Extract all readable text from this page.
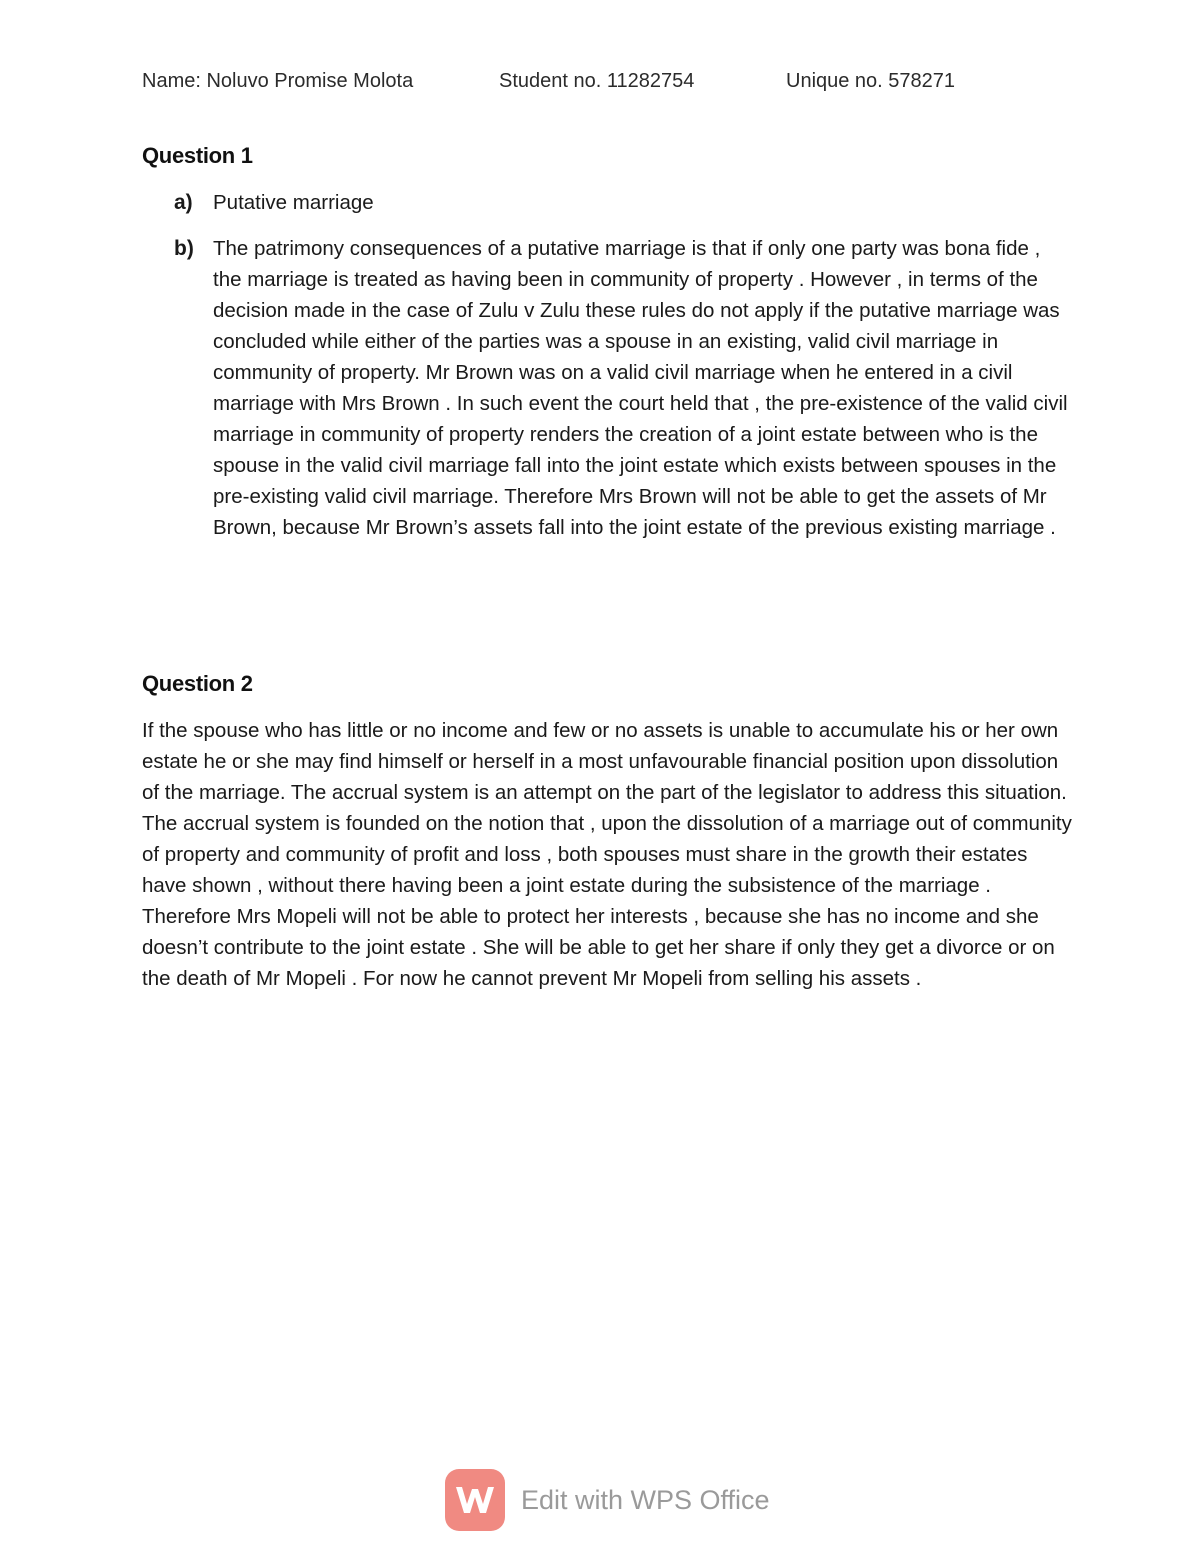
Name: Noluvo Promise Molota	Student no. 11282754	Unique no. 578271
Question 1
a) Putative marriage
b) The patrimony consequences of a putative marriage is that if only one party was bona fide , the marriage is treated as having been in community of property . However , in terms of the decision made in the case of Zulu v Zulu these rules do not apply if the putative marriage was concluded while either of the parties was a spouse in an existing, valid civil marriage in community of property. Mr Brown was on a valid civil marriage when he entered in a civil marriage with Mrs Brown . In such event the court held that , the pre-existence of the valid civil marriage in community of property renders the creation of a joint estate between who is the spouse in the valid civil marriage fall into the joint estate which exists between spouses in the pre-existing valid civil marriage. Therefore Mrs Brown will not be able to get the assets of Mr Brown, because Mr Brown’s assets fall into the joint estate of the previous existing marriage .
Question 2
If the spouse who has little or no income and few or no assets is unable to accumulate his or her own estate he or she may find himself or herself in a most unfavourable financial position upon dissolution of the marriage. The accrual system is an attempt on the part of the legislator to address this situation. The accrual system is founded on the notion that , upon the dissolution of a marriage out of community of property and community of profit and loss , both spouses must share in the growth their estates have shown , without there having been a joint estate during the subsistence of the marriage . Therefore Mrs Mopeli will not be able to protect her interests , because she has no income and she doesn’t contribute to the joint estate . She will be able to get her share if only they get a divorce or on the death of Mr Mopeli . For now he cannot prevent Mr Mopeli from selling his assets .
Edit with WPS Office
